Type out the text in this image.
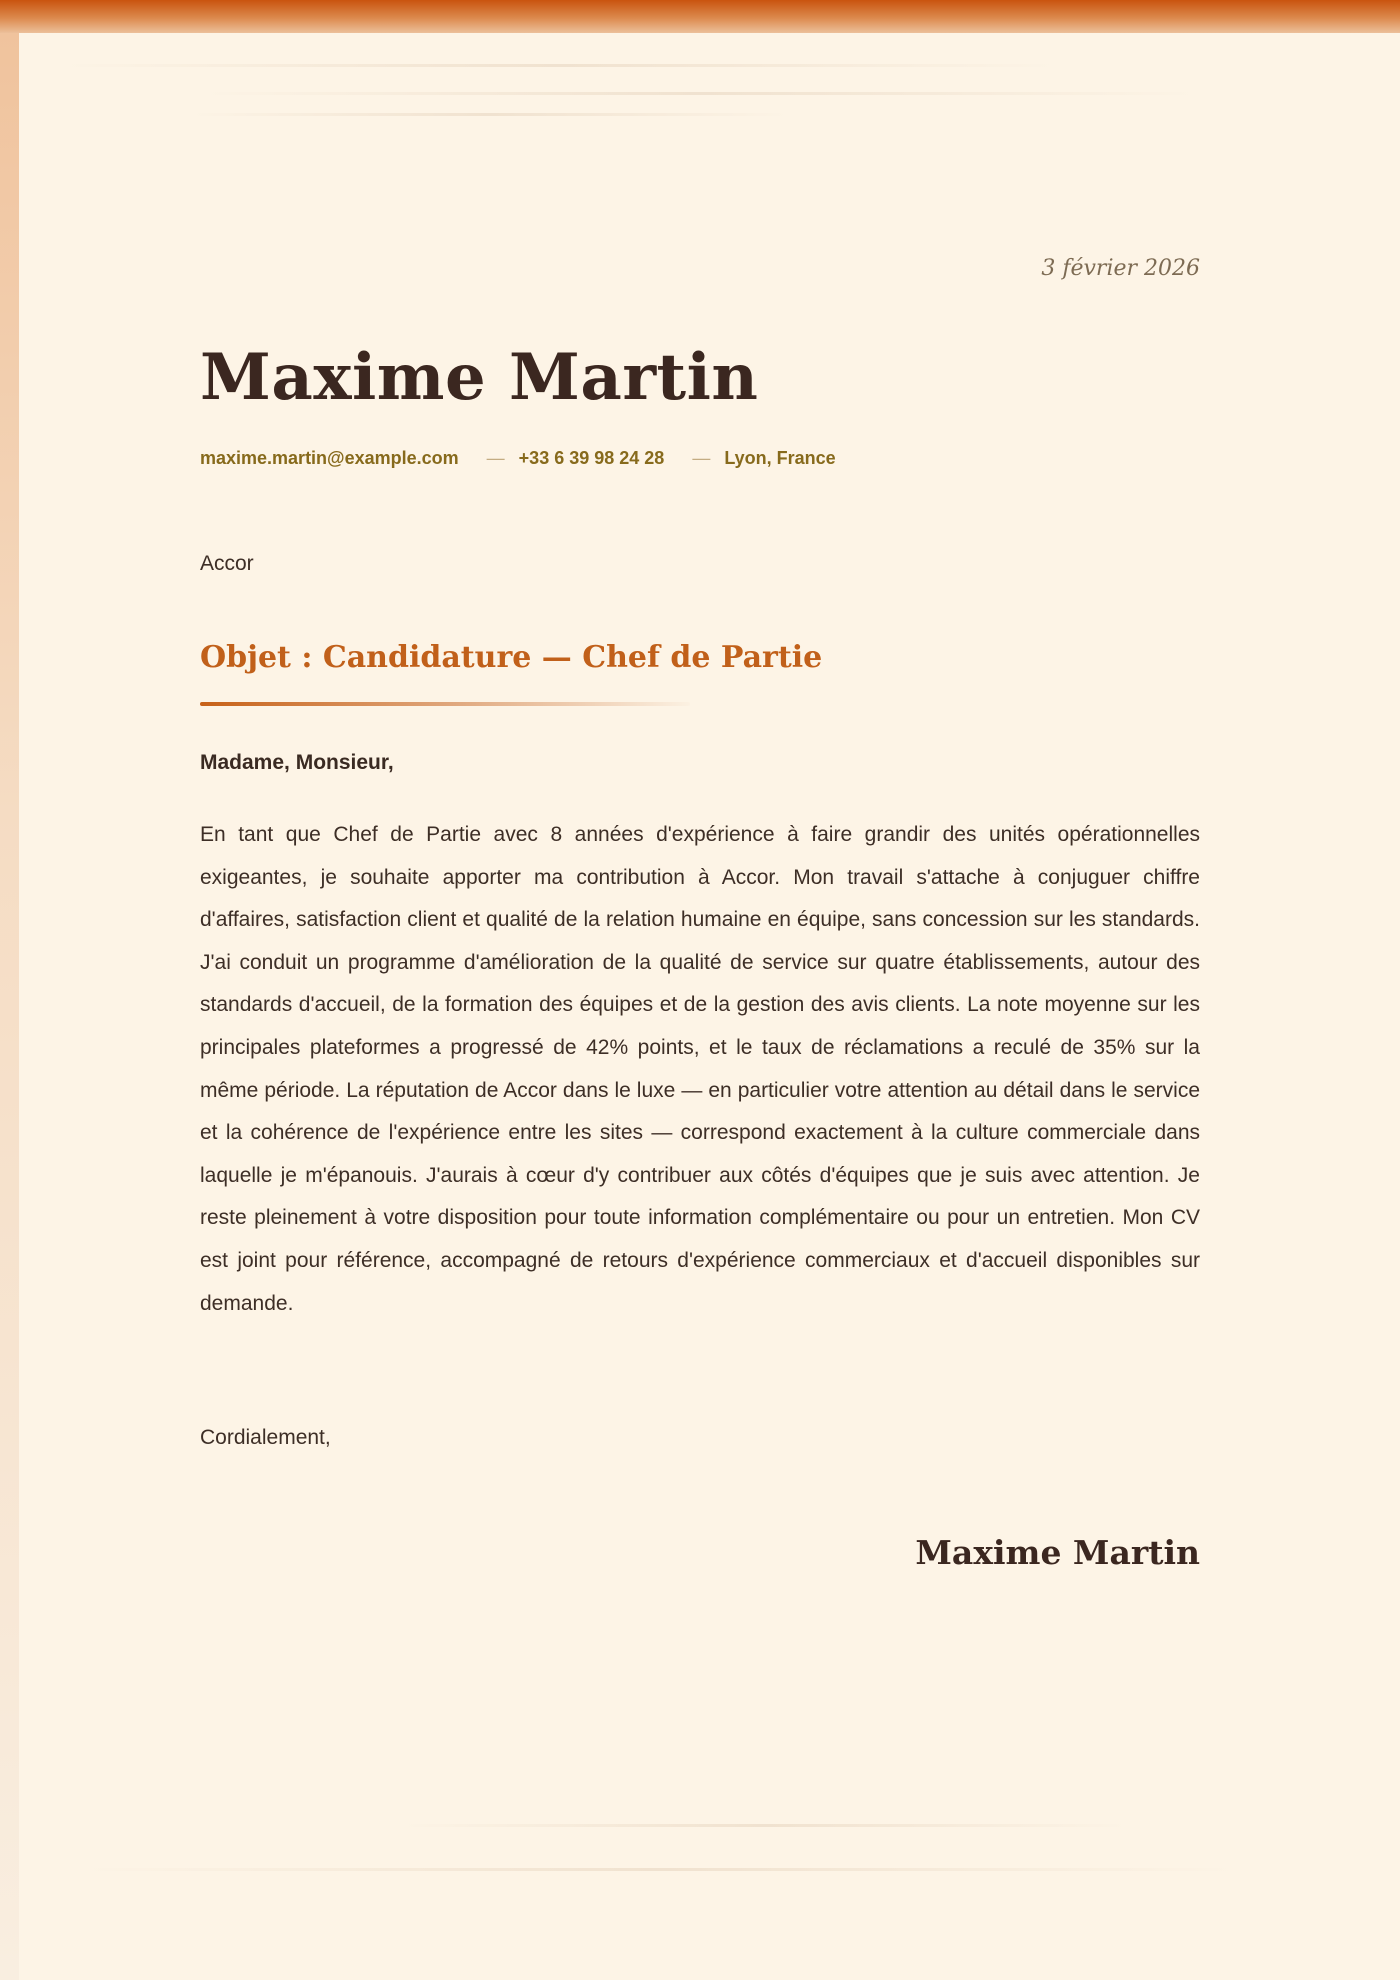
3 février 2026
Maxime Martin
maxime.martin@example.com — +33 6 39 98 24 28 — Lyon, France
Accor
Objet : Candidature — Chef de Partie
Madame, Monsieur,

En tant que Chef de Partie avec 8 années d'expérience à faire grandir des unités opérationnelles exigeantes, je souhaite apporter ma contribution à Accor. Mon travail s'attache à conjuguer chiffre d'affaires, satisfaction client et qualité de la relation humaine en équipe, sans concession sur les standards. J'ai conduit un programme d'amélioration de la qualité de service sur quatre établissements, autour des standards d'accueil, de la formation des équipes et de la gestion des avis clients. La note moyenne sur les principales plateformes a progressé de 42% points, et le taux de réclamations a reculé de 35% sur la même période. La réputation de Accor dans le luxe — en particulier votre attention au détail dans le service et la cohérence de l'expérience entre les sites — correspond exactement à la culture commerciale dans laquelle je m'épanouis. J'aurais à cœur d'y contribuer aux côtés d'équipes que je suis avec attention. Je reste pleinement à votre disposition pour toute information complémentaire ou pour un entretien. Mon CV est joint pour référence, accompagné de retours d'expérience commerciaux et d'accueil disponibles sur demande.

Cordialement,
Maxime Martin
